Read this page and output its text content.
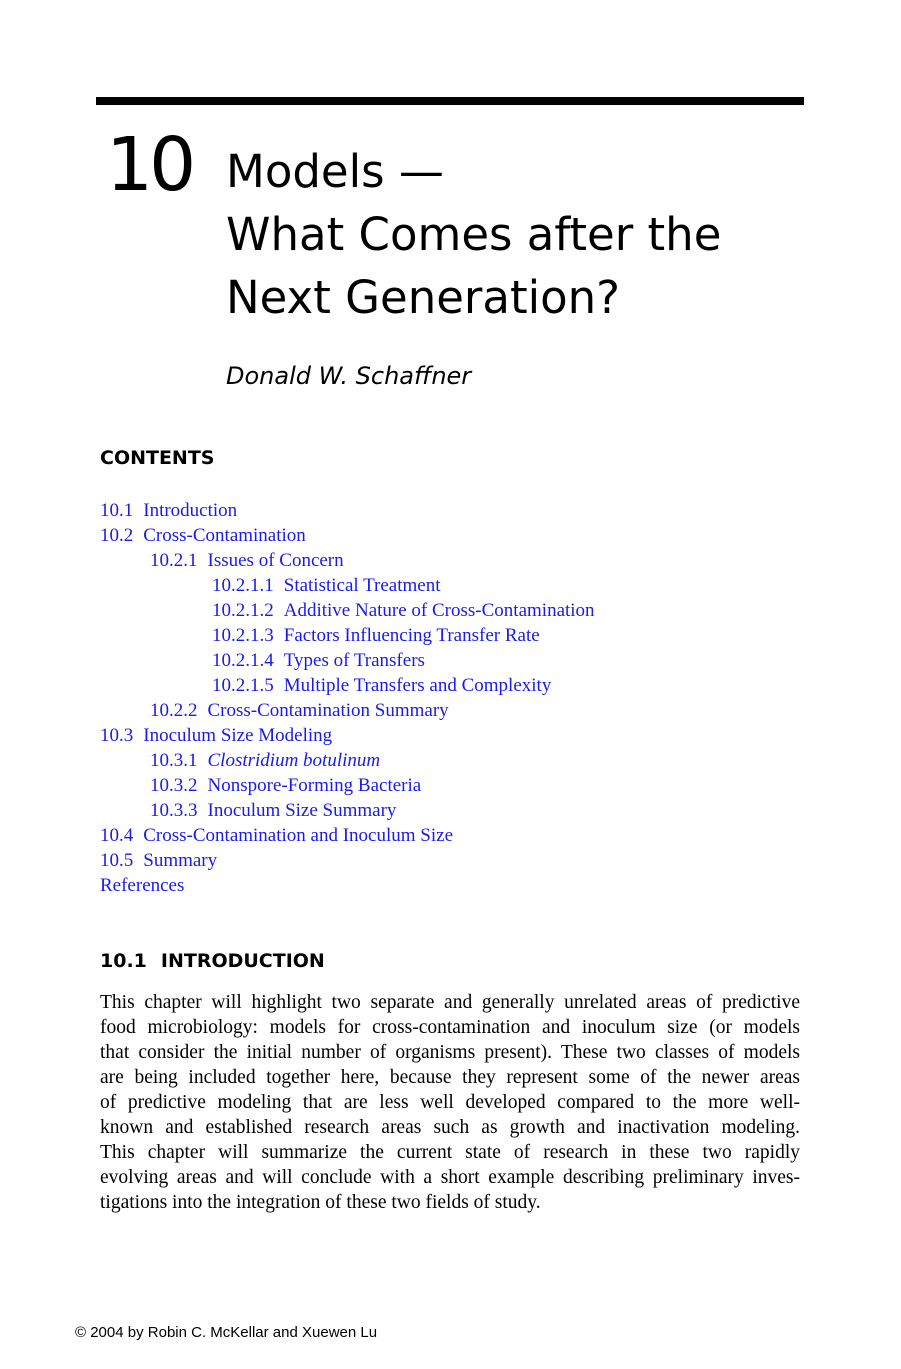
10 Models —
What Comes after the
Next Generation?
Donald W. Schaffner
CONTENTS
10.1 Introduction
10.2 Cross-Contamination
10.2.1 Issues of Concern
10.2.1.1 Statistical Treatment
10.2.1.2 Additive Nature of Cross-Contamination
10.2.1.3 Factors Influencing Transfer Rate
10.2.1.4 Types of Transfers
10.2.1.5 Multiple Transfers and Complexity
10.2.2 Cross-Contamination Summary
10.3 Inoculum Size Modeling
10.3.1 Clostridium botulinum
10.3.2 Nonspore-Forming Bacteria
10.3.3 Inoculum Size Summary
10.4 Cross-Contamination and Inoculum Size
10.5 Summary
References
10.1 INTRODUCTION
This chapter will highlight two separate and generally unrelated areas of predictive
food microbiology: models for cross-contamination and inoculum size (or models
that consider the initial number of organisms present). These two classes of models
are being included together here, because they represent some of the newer areas
of predictive modeling that are less well developed compared to the more well-
known and established research areas such as growth and inactivation modeling.
This chapter will summarize the current state of research in these two rapidly
evolving areas and will conclude with a short example describing preliminary inves-
tigations into the integration of these two fields of study.
© 2004 by Robin C. McKellar and Xuewen Lu
